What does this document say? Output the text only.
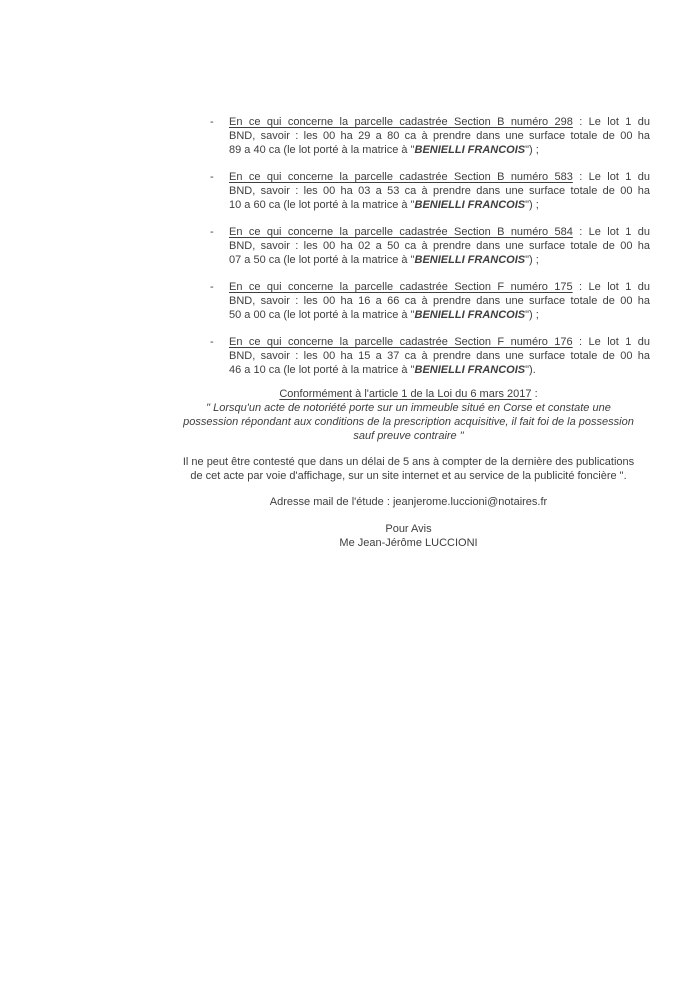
- En ce qui concerne la parcelle cadastrée Section B numéro 298 : Le lot 1 du
BND, savoir : les 00 ha 29 a 80 ca à prendre dans une surface totale de 00 ha
89 a 40 ca (le lot porté à la matrice à "BENIELLI FRANCOIS") ;
- En ce qui concerne la parcelle cadastrée Section B numéro 583 : Le lot 1 du
BND, savoir : les 00 ha 03 a 53 ca à prendre dans une surface totale de 00 ha
10 a 60 ca (le lot porté à la matrice à "BENIELLI FRANCOIS") ;
- En ce qui concerne la parcelle cadastrée Section B numéro 584 : Le lot 1 du
BND, savoir : les 00 ha 02 a 50 ca à prendre dans une surface totale de 00 ha
07 a 50 ca (le lot porté à la matrice à "BENIELLI FRANCOIS") ;
- En ce qui concerne la parcelle cadastrée Section F numéro 175 : Le lot 1 du
BND, savoir : les 00 ha 16 a 66 ca à prendre dans une surface totale de 00 ha
50 a 00 ca (le lot porté à la matrice à "BENIELLI FRANCOIS") ;
- En ce qui concerne la parcelle cadastrée Section F numéro 176 : Le lot 1 du
BND, savoir : les 00 ha 15 a 37 ca à prendre dans une surface totale de 00 ha
46 a 10 ca (le lot porté à la matrice à "BENIELLI FRANCOIS").
Conformément à l'article 1 de la Loi du 6 mars 2017 :
" Lorsqu'un acte de notoriété porte sur un immeuble situé en Corse et constate une
possession répondant aux conditions de la prescription acquisitive, il fait foi de la possession
sauf preuve contraire "
Il ne peut être contesté que dans un délai de 5 ans à compter de la dernière des publications
de cet acte par voie d'affichage, sur un site internet et au service de la publicité foncière ".
Adresse mail de l'étude : jeanjerome.luccioni@notaires.fr
Pour Avis
Me Jean-Jérôme LUCCIONI
